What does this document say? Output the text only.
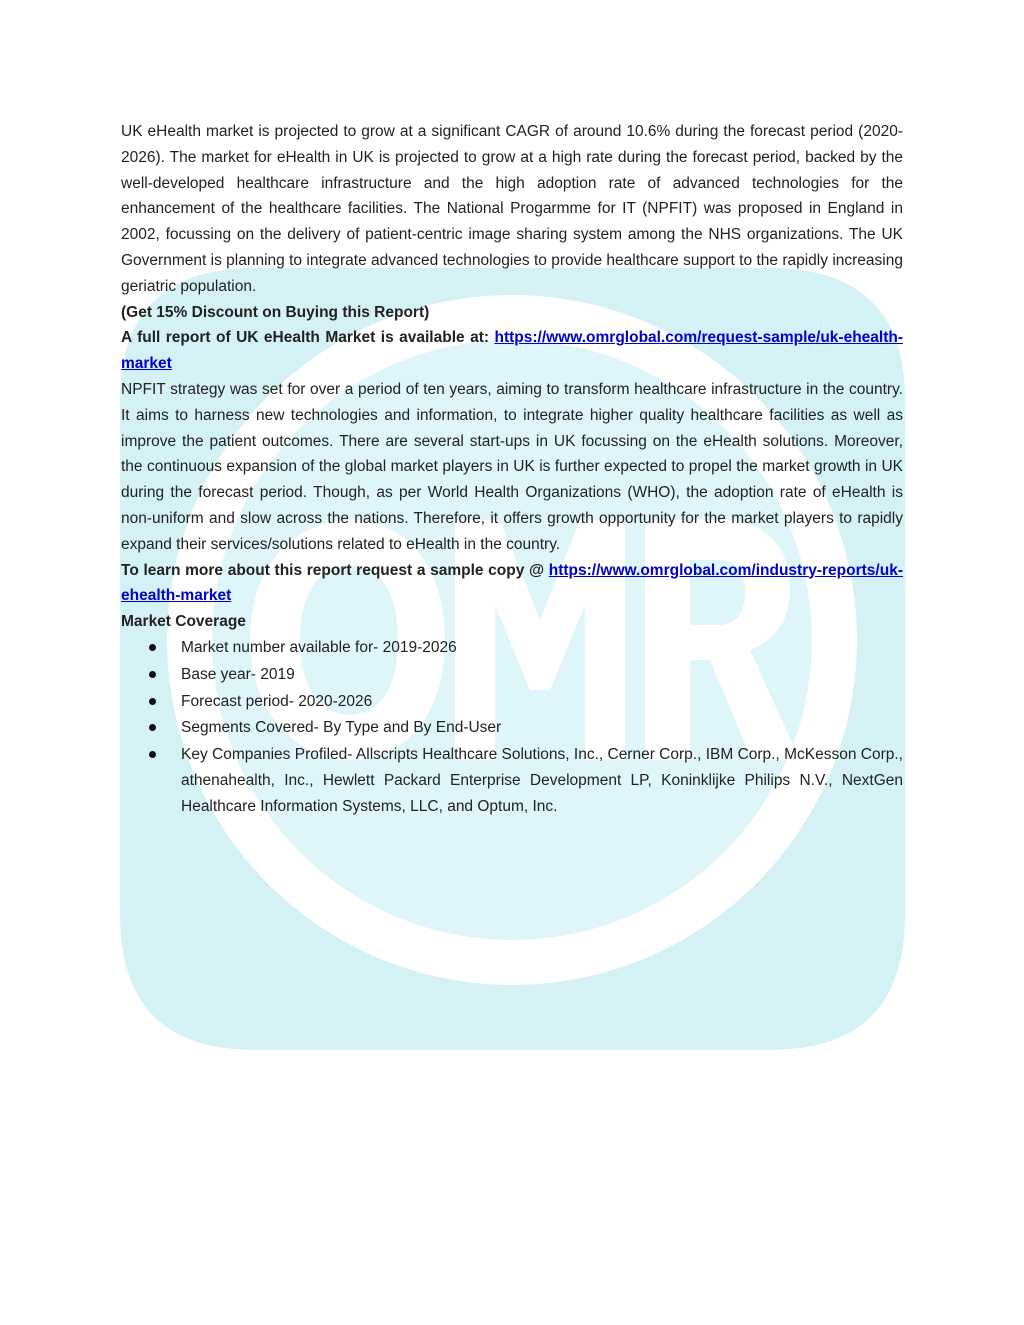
UK eHealth market is projected to grow at a significant CAGR of around 10.6% during the forecast period (2020-2026). The market for eHealth in UK is projected to grow at a high rate during the forecast period, backed by the well-developed healthcare infrastructure and the high adoption rate of advanced technologies for the enhancement of the healthcare facilities. The National Progarmme for IT (NPFIT) was proposed in England in 2002, focussing on the delivery of patient-centric image sharing system among the NHS organizations. The UK Government is planning to integrate advanced technologies to provide healthcare support to the rapidly increasing geriatric population.

(Get 15% Discount on Buying this Report)

A full report of UK eHealth Market is available at: https://www.omrglobal.com/request-sample/uk-ehealth-market

NPFIT strategy was set for over a period of ten years, aiming to transform healthcare infrastructure in the country. It aims to harness new technologies and information, to integrate higher quality healthcare facilities as well as improve the patient outcomes. There are several start-ups in UK focussing on the eHealth solutions. Moreover, the continuous expansion of the global market players in UK is further expected to propel the market growth in UK during the forecast period. Though, as per World Health Organizations (WHO), the adoption rate of eHealth is non-uniform and slow across the nations. Therefore, it offers growth opportunity for the market players to rapidly expand their services/solutions related to eHealth in the country.

To learn more about this report request a sample copy @ https://www.omrglobal.com/industry-reports/uk-ehealth-market

Market Coverage

Market number available for- 2019-2026
Base year- 2019
Forecast period- 2020-2026
Segments Covered- By Type and By End-User
Key Companies Profiled- Allscripts Healthcare Solutions, Inc., Cerner Corp., IBM Corp., McKesson Corp., athenahealth, Inc., Hewlett Packard Enterprise Development LP, Koninklijke Philips N.V., NextGen Healthcare Information Systems, LLC, and Optum, Inc.
